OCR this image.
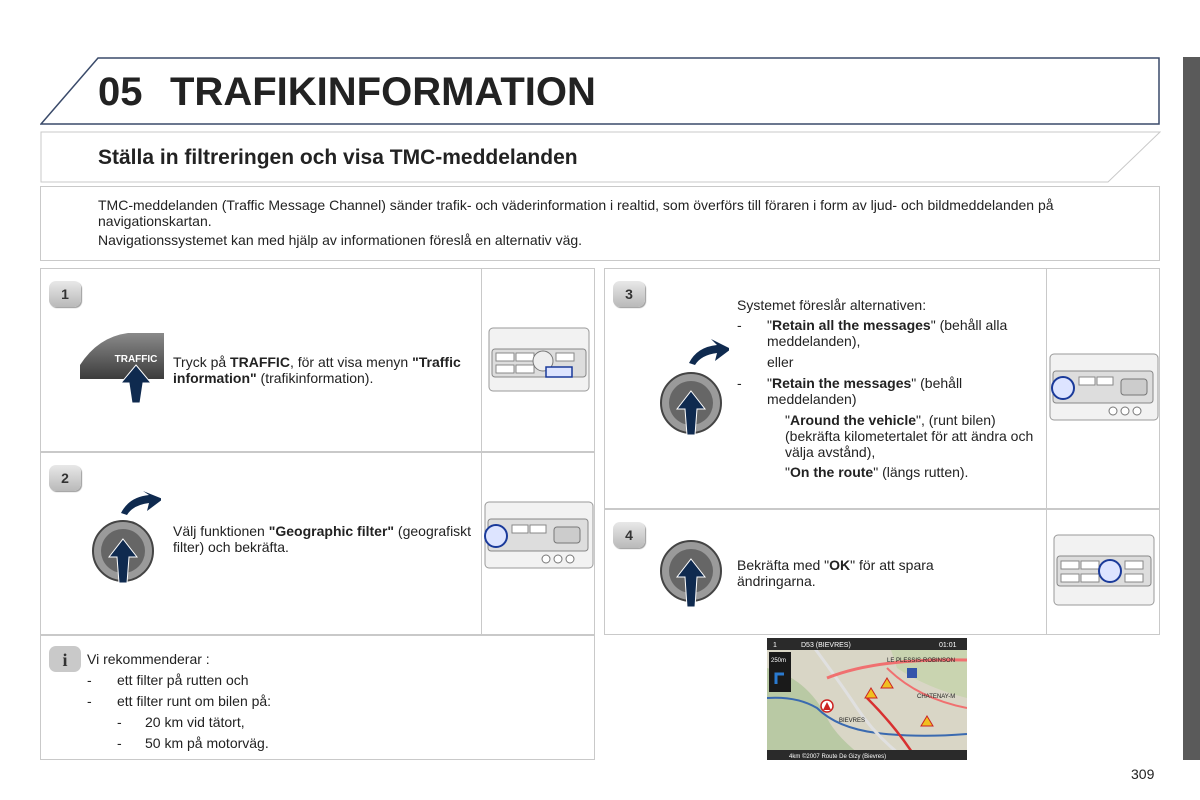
05 TRAFIKINFORMATION
Ställa in filtreringen och visa TMC-meddelanden

TMC-meddelanden (Traffic Message Channel) sänder trafik- och väderinformation i realtid, som överförs till föraren i form av ljud- och bildmeddelanden på navigationskartan.

Navigationssystemet kan med hjälp av informationen föreslå en alternativ väg.

1
TRAFFIC Tryck på TRAFFIC, för att visa menyn "Traffic information" (trafikinformation).
2
Välj funktionen "Geographic filter" (geografiskt filter) och bekräfta.
3

Systemet föreslår alternativen:

- "Retain all the messages" (behåll alla meddelanden),

eller

- "Retain the messages" (behåll meddelanden)
"Around the vehicle", (runt bilen) (bekräfta kilometertalet för att ändra och välja avstånd),
"On the route" (längs rutten).
4
Bekräfta med "OK" för att spara ändringarna.
i Vi rekommenderar :

- ett filter på rutten och
- ett filter runt om bilen på:
- 20 km vid tätort,
- 50 km på motorväg.
1	D53 (BIEVRES)	01:01
250m	LE PLESSIS-ROBINSON
CHATENAY-M
BIEVRES
4km ©2007 Route De Gizy (Bievres)
309
